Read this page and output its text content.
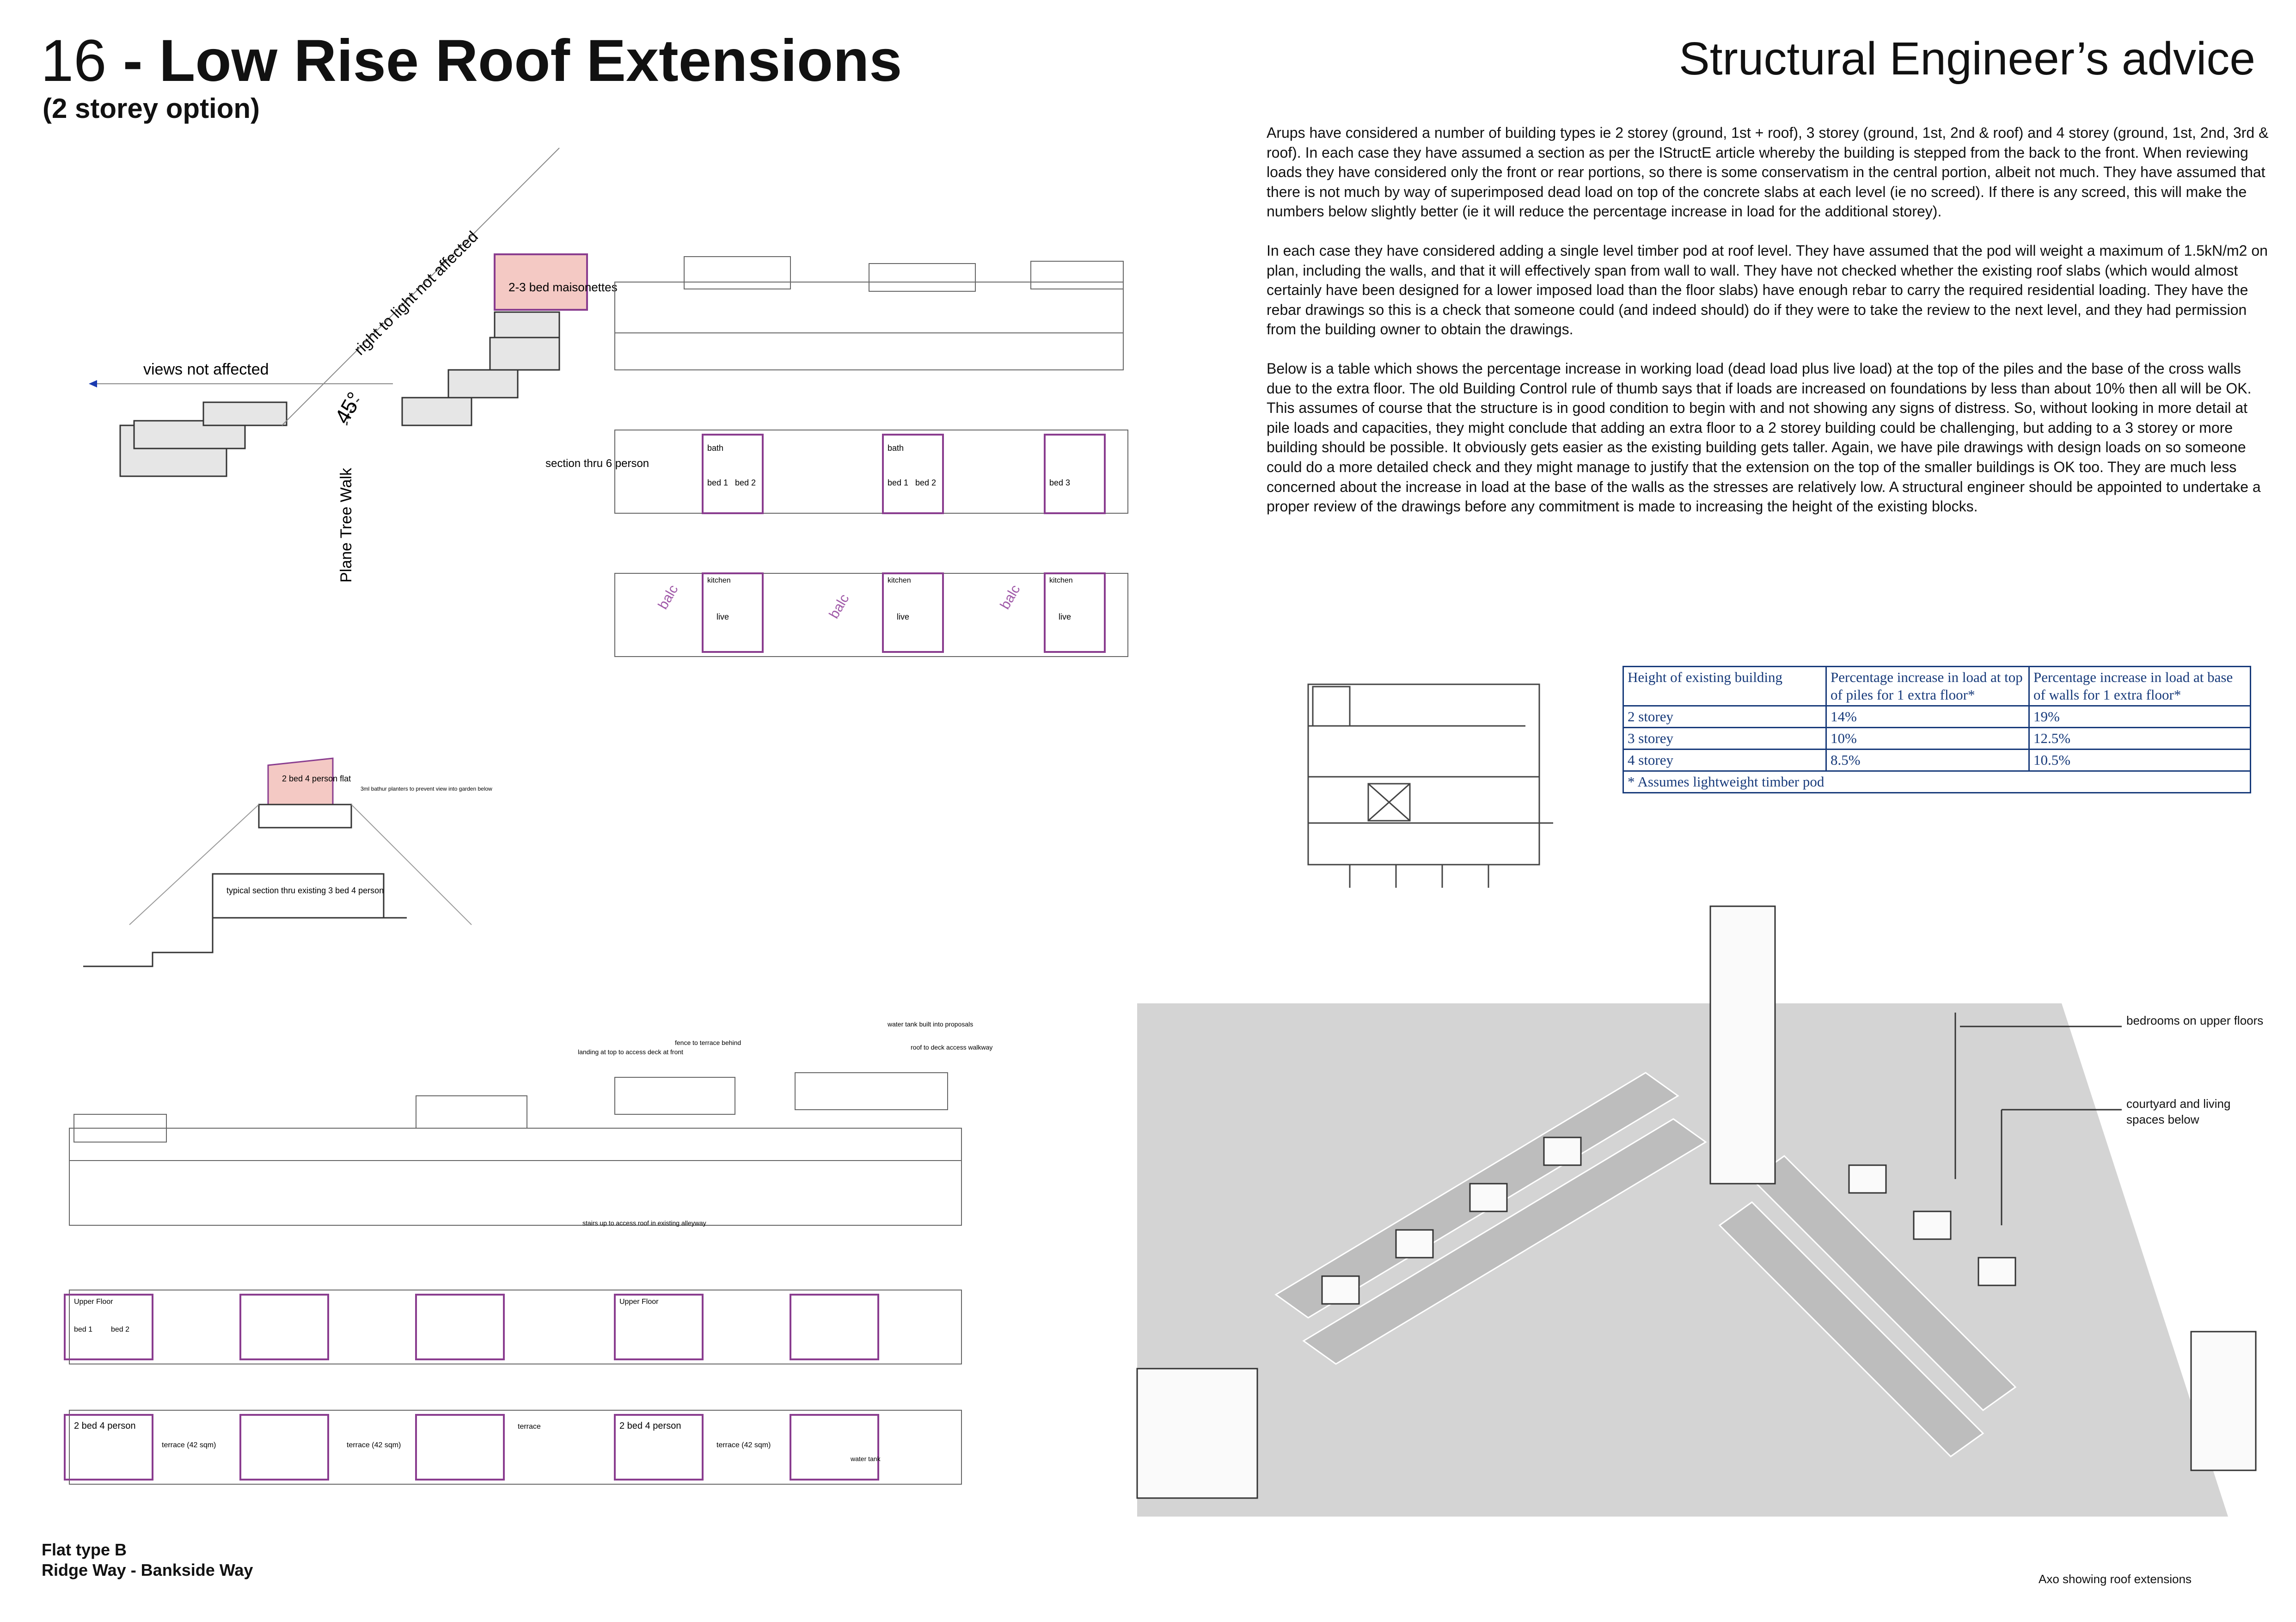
16 - Low Rise Roof Extensions
(2 storey option)
Structural Engineer’s advice

Arups have considered a number of building types ie 2 storey (ground, 1st + roof), 3 storey (ground, 1st, 2nd & roof) and 4 storey (ground, 1st, 2nd, 3rd & roof). In each case they have assumed a section as per the IStructE article whereby the building is stepped from the back to the front. When reviewing loads they have considered only the front or rear portions, so there is some conservatism in the central portion, albeit not much. They have assumed that there is not much by way of superimposed dead load on top of the concrete slabs at each level (ie no screed). If there is any screed, this will make the numbers below slightly better (ie it will reduce the percentage increase in load for the additional storey).

In each case they have considered adding a single level timber pod at roof level. They have assumed that the pod will weight a maximum of 1.5kN/m2 on plan, including the walls, and that it will effectively span from wall to wall. They have not checked whether the existing roof slabs (which would almost certainly have been designed for a lower imposed load than the floor slabs) have enough rebar to carry the required residential loading. They have the rebar drawings so this is a check that someone could (and indeed should) do if they were to take the review to the next level, and they had permission from the building owner to obtain the drawings.

Below is a table which shows the percentage increase in working load (dead load plus live load) at the top of the piles and the base of the cross walls due to the extra floor. The old Building Control rule of thumb says that if loads are increased on foundations by less than about 10% then all will be OK. This assumes of course that the structure is in good condition to begin with and not showing any signs of distress. So, without looking in more detail at pile loads and capacities, they might conclude that adding an extra floor to a 2 storey building could be challenging, but adding to a 3 storey or more building should be possible. It obviously gets easier as the existing building gets taller. Again, we have pile drawings with design loads on so someone could do a more detailed check and they might manage to justify that the extension on the top of the smaller buildings is OK too. They are much less concerned about the increase in load at the base of the walls as the stresses are relatively low. A structural engineer should be appointed to undertake a proper review of the drawings before any commitment is made to increasing the height of the existing blocks.

Height of existing building	Percentage increase in load at top of piles for 1 extra floor*	Percentage increase in load at base of walls for 1 extra floor*
2 storey	14%	19%
3 storey	10%	12.5%
4 storey	8.5%	10.5%
* Assumes lightweight timber pod		
views not affected
right to light not affected
45°
2-3 bed maisonettes
Plane Tree Walk
section thru 6 person
bed 1 bed 2
bath
bed 1 bed 2
bath
bed 3
kitchen
live
kitchen
live
kitchen
live
balc	balc	balc
2 bed 4 person flat
3ml bathur planters to prevent view into garden below
typical section thru existing 3 bed 4 person
landing at top to access deck at front
fence to terrace behind
water tank built into proposals
roof to deck access walkway
stairs up to access roof in existing alleyway
Upper Floor
bed 1 bed 2
Upper Floor
2 bed 4 person	2 bed 4 person
terrace (42 sqm)	terrace (42 sqm)	terrace (42 sqm)
terrace
water tank
bedrooms on upper floors
courtyard and living spaces below
Axo showing roof extensions
Flat type B
Ridge Way - Bankside Way
